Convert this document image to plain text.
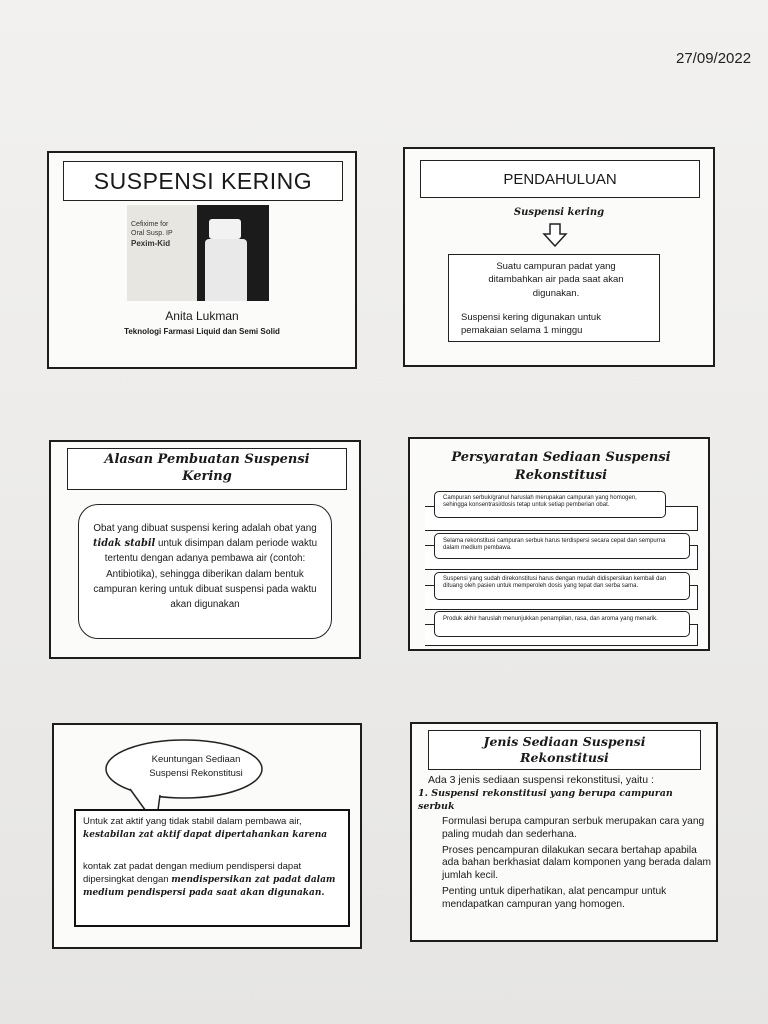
27/09/2022
SUSPENSI KERING
Cefixime for
Oral Susp. IP
Pexim-Kid
Anita Lukman
Teknologi Farmasi Liquid dan Semi Solid
PENDAHULUAN
Suspensi kering
Suatu campuran padat yang ditambahkan air pada saat akan digunakan.
Suspensi kering digunakan untuk pemakaian selama 1 minggu
Alasan Pembuatan Suspensi Kering
Obat yang dibuat suspensi kering adalah obat yang tidak stabil untuk disimpan dalam periode waktu tertentu dengan adanya pembawa air (contoh: Antibiotika), sehingga diberikan dalam bentuk campuran kering untuk dibuat suspensi pada waktu akan digunakan
Persyaratan Sediaan Suspensi Rekonstitusi
Campuran serbuk/granul haruslah merupakan campuran yang homogen, sehingga konsentrasi/dosis tetap untuk setiap pemberian obat.
Selama rekonstitusi campuran serbuk harus terdispersi secara cepat dan sempurna dalam medium pembawa.
Suspensi yang sudah direkonstitusi harus dengan mudah didispersikan kembali dan dituang oleh pasien untuk memperoleh dosis yang tepat dan serba sama.
Produk akhir haruslah menunjukkan penampilan, rasa, dan aroma yang menarik.
Keuntungan Sediaan Suspensi Rekonstitusi
Untuk zat aktif yang tidak stabil dalam pembawa air, kestabilan zat aktif dapat dipertahankan karena
kontak zat padat dengan medium pendispersi dapat dipersingkat dengan mendispersikan zat padat dalam medium pendispersi pada saat akan digunakan.
Jenis Sediaan Suspensi Rekonstitusi
Ada 3 jenis sediaan suspensi rekonstitusi, yaitu :
1. Suspensi rekonstitusi yang berupa campuran serbuk
Formulasi berupa campuran serbuk merupakan cara yang paling mudah dan sederhana.
Proses pencampuran dilakukan secara bertahap apabila ada bahan berkhasiat dalam komponen yang berada dalam jumlah kecil.
Penting untuk diperhatikan, alat pencampur untuk mendapatkan campuran yang homogen.
